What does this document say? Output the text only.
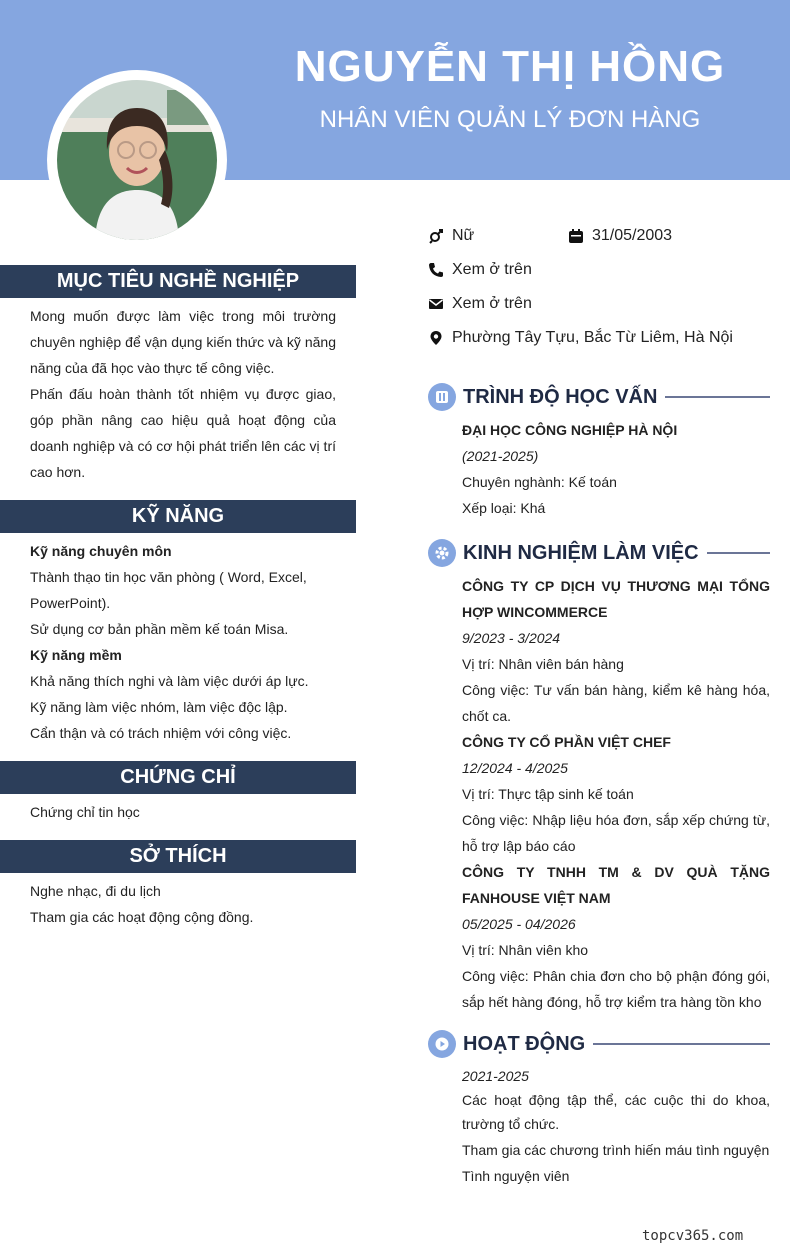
NGUYỄN THỊ HỒNG
NHÂN VIÊN QUẢN LÝ ĐƠN HÀNG
Nữ	31/05/2003
Xem ở trên
Xem ở trên
Phường Tây Tựu, Bắc Từ Liêm, Hà Nội
MỤC TIÊU NGHỀ NGHIỆP

Mong muốn được làm việc trong môi trường chuyên nghiệp để vận dụng kiến thức và kỹ năng năng của đã học vào thực tế công việc.

Phấn đấu hoàn thành tốt nhiệm vụ được giao, góp phần nâng cao hiệu quả hoạt động của doanh nghiệp và có cơ hội phát triển lên các vị trí cao hơn.

KỸ NĂNG

Kỹ năng chuyên môn

Thành thạo tin học văn phòng ( Word, Excel, PowerPoint).

Sử dụng cơ bản phần mềm kế toán Misa.

Kỹ năng mềm

Khả năng thích nghi và làm việc dưới áp lực.

Kỹ năng làm việc nhóm, làm việc độc lập.

Cẩn thận và có trách nhiệm với công việc.

CHỨNG CHỈ

Chứng chỉ tin học

SỞ THÍCH

Nghe nhạc, đi du lịch

Tham gia các hoạt động cộng đồng.

TRÌNH ĐỘ HỌC VẤN

ĐẠI HỌC CÔNG NGHIỆP HÀ NỘI

(2021-2025)

Chuyên nghành: Kế toán

Xếp loại: Khá

KINH NGHIỆM LÀM VIỆC

CÔNG TY CP DỊCH VỤ THƯƠNG MẠI TỔNG HỢP WINCOMMERCE

9/2023 - 3/2024

Vị trí: Nhân viên bán hàng

Công việc: Tư vấn bán hàng, kiểm kê hàng hóa, chốt ca.

CÔNG TY CỔ PHẦN VIỆT CHEF

12/2024 - 4/2025

Vị trí: Thực tập sinh kế toán

Công việc: Nhập liệu hóa đơn, sắp xếp chứng từ, hỗ trợ lập báo cáo

CÔNG TY TNHH TM & DV QUÀ TẶNG FANHOUSE VIỆT NAM

05/2025 - 04/2026

Vị trí: Nhân viên kho

Công việc: Phân chia đơn cho bộ phận đóng gói, sắp hết hàng đóng, hỗ trợ kiểm tra hàng tồn kho

HOẠT ĐỘNG

2021-2025

Các hoạt động tập thể, các cuộc thi do khoa, trường tổ chức.

Tham gia các chương trình hiến máu tình nguyện

Tình nguyện viên

topcv365.com
